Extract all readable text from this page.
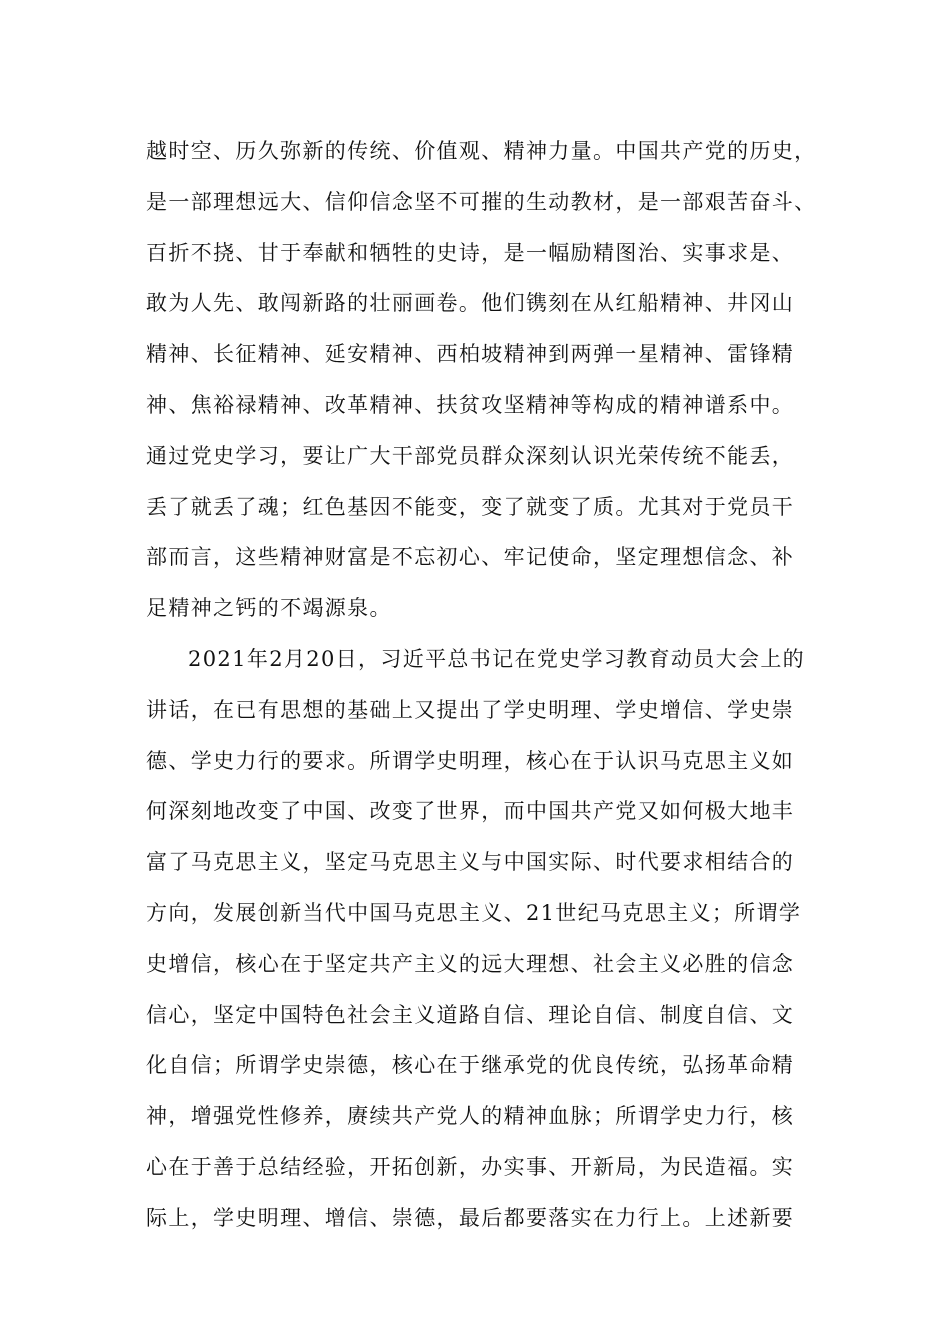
越时空、历久弥新的传统、价值观、精神力量。中国共产党的历史，
是一部理想远大、信仰信念坚不可摧的生动教材，是一部艰苦奋斗、
百折不挠、甘于奉献和牺牲的史诗，是一幅励精图治、实事求是、
敢为人先、敢闯新路的壮丽画卷。他们镌刻在从红船精神、井冈山
精神、长征精神、延安精神、西柏坡精神到两弹一星精神、雷锋精
神、焦裕禄精神、改革精神、扶贫攻坚精神等构成的精神谱系中。
通过党史学习，要让广大干部党员群众深刻认识光荣传统不能丢，
丢了就丢了魂；红色基因不能变，变了就变了质。尤其对于党员干
部而言，这些精神财富是不忘初心、牢记使命，坚定理想信念、补
足精神之钙的不竭源泉。
2021年2月20日，习近平总书记在党史学习教育动员大会上的
讲话，在已有思想的基础上又提出了学史明理、学史增信、学史崇
德、学史力行的要求。所谓学史明理，核心在于认识马克思主义如
何深刻地改变了中国、改变了世界，而中国共产党又如何极大地丰
富了马克思主义，坚定马克思主义与中国实际、时代要求相结合的
方向，发展创新当代中国马克思主义、21世纪马克思主义；所谓学
史增信，核心在于坚定共产主义的远大理想、社会主义必胜的信念
信心，坚定中国特色社会主义道路自信、理论自信、制度自信、文
化自信；所谓学史崇德，核心在于继承党的优良传统，弘扬革命精
神，增强党性修养，赓续共产党人的精神血脉；所谓学史力行，核
心在于善于总结经验，开拓创新，办实事、开新局，为民造福。实
际上，学史明理、增信、崇德，最后都要落实在力行上。上述新要
